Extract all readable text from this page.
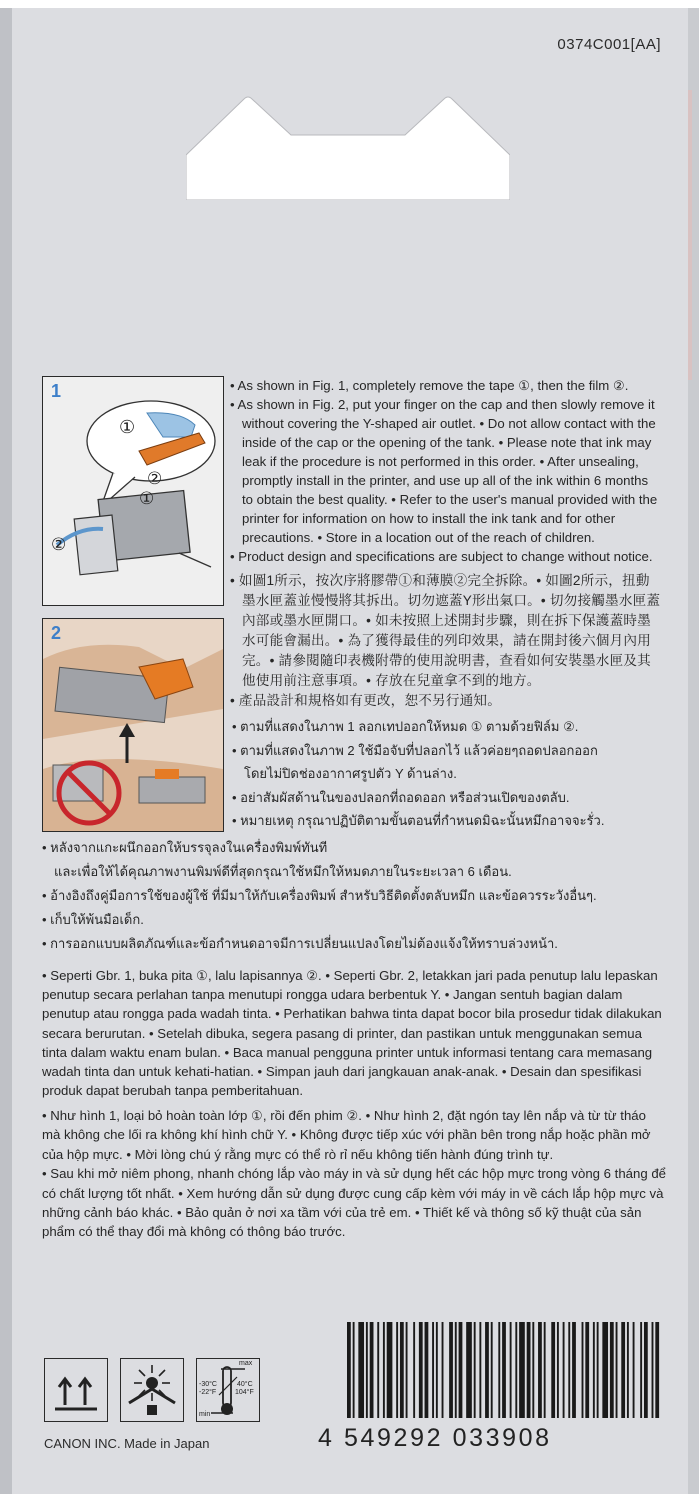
0374C001[AA]
1
①
②
①
②
2

• As shown in Fig. 1, completely remove the tape ①, then the film ②.

• As shown in Fig. 2, put your finger on the cap and then slowly remove it without covering the Y-shaped air outlet. • Do not allow contact with the inside of the cap or the opening of the tank. • Please note that ink may leak if the procedure is not performed in this order. • After unsealing, promptly install in the printer, and use up all of the ink within 6 months to obtain the best quality. • Refer to the user's manual provided with the printer for information on how to install the ink tank and for other precautions. • Store in a location out of the reach of children.

• Product design and specifications are subject to change without notice.

• 如圖1所示，按次序將膠帶①和薄膜②完全拆除。• 如圖2所示，扭動墨水匣蓋並慢慢將其拆出。切勿遮蓋Y形出氣口。• 切勿接觸墨水匣蓋內部或墨水匣開口。• 如未按照上述開封步驟，則在拆下保護蓋時墨水可能會漏出。• 為了獲得最佳的列印效果，請在開封後六個月內用完。• 請參閱隨印表機附帶的使用說明書，查看如何安裝墨水匣及其他使用前注意事項。• 存放在兒童拿不到的地方。

• 產品設計和規格如有更改，恕不另行通知。

• ตามที่แสดงในภาพ 1 ลอกเทปออกให้หมด ① ตามด้วยฟิล์ม ②.

• ตามที่แสดงในภาพ 2 ใช้มือจับที่ปลอกไว้ แล้วค่อยๆถอดปลอกออก

โดยไม่ปิดช่องอากาศรูปตัว Y ด้านล่าง.

• อย่าสัมผัสด้านในของปลอกที่ถอดออก หรือส่วนเปิดของตลับ.

• หมายเหตุ กรุณาปฏิบัติตามขั้นตอนที่กำหนดมิฉะนั้นหมึกอาจจะรั่ว.

• หลังจากแกะผนึกออกให้บรรจุลงในเครื่องพิมพ์ทันที

และเพื่อให้ได้คุณภาพงานพิมพ์ดีที่สุดกรุณาใช้หมึกให้หมดภายในระยะเวลา 6 เดือน.

• อ้างอิงถึงคู่มือการใช้ของผู้ใช้ ที่มีมาให้กับเครื่องพิมพ์ สำหรับวิธีติดตั้งตลับหมึก และข้อควรระวังอื่นๆ.

• เก็บให้พ้นมือเด็ก.

• การออกแบบผลิตภัณฑ์และข้อกำหนดอาจมีการเปลี่ยนแปลงโดยไม่ต้องแจ้งให้ทราบล่วงหน้า.

• Seperti Gbr. 1, buka pita ①, lalu lapisannya ②. • Seperti Gbr. 2, letakkan jari pada penutup lalu lepaskan penutup secara perlahan tanpa menutupi rongga udara berbentuk Y. • Jangan sentuh bagian dalam penutup atau rongga pada wadah tinta. • Perhatikan bahwa tinta dapat bocor bila prosedur tidak dilakukan secara berurutan. • Setelah dibuka, segera pasang di printer, dan pastikan untuk menggunakan semua tinta dalam waktu enam bulan. • Baca manual pengguna printer untuk informasi tentang cara memasang wadah tinta dan untuk kehati-hatian. • Simpan jauh dari jangkauan anak-anak. • Desain dan spesifikasi produk dapat berubah tanpa pemberitahuan.

• Như hình 1, loại bỏ hoàn toàn lớp ①, rồi đến phim ②. • Như hình 2, đặt ngón tay lên nắp và từ từ tháo mà không che lối ra không khí hình chữ Y. • Không được tiếp xúc với phần bên trong nắp hoặc phần mở của hộp mực. • Mời lòng chú ý rằng mực có thể rò rỉ nếu không tiến hành đúng trình tự.

• Sau khi mở niêm phong, nhanh chóng lắp vào máy in và sử dụng hết các hộp mực trong vòng 6 tháng để có chất lượng tốt nhất. • Xem hướng dẫn sử dụng được cung cấp kèm với máy in về cách lắp hộp mực và những cảnh báo khác. • Bảo quản ở nơi xa tầm với của trẻ em. • Thiết kế và thông số kỹ thuật của sản phẩm có thể thay đổi mà không có thông báo trước.

max
min
-30°C
-22°F
40°C
104°F
CANON INC. Made in Japan	4 549292 033908
